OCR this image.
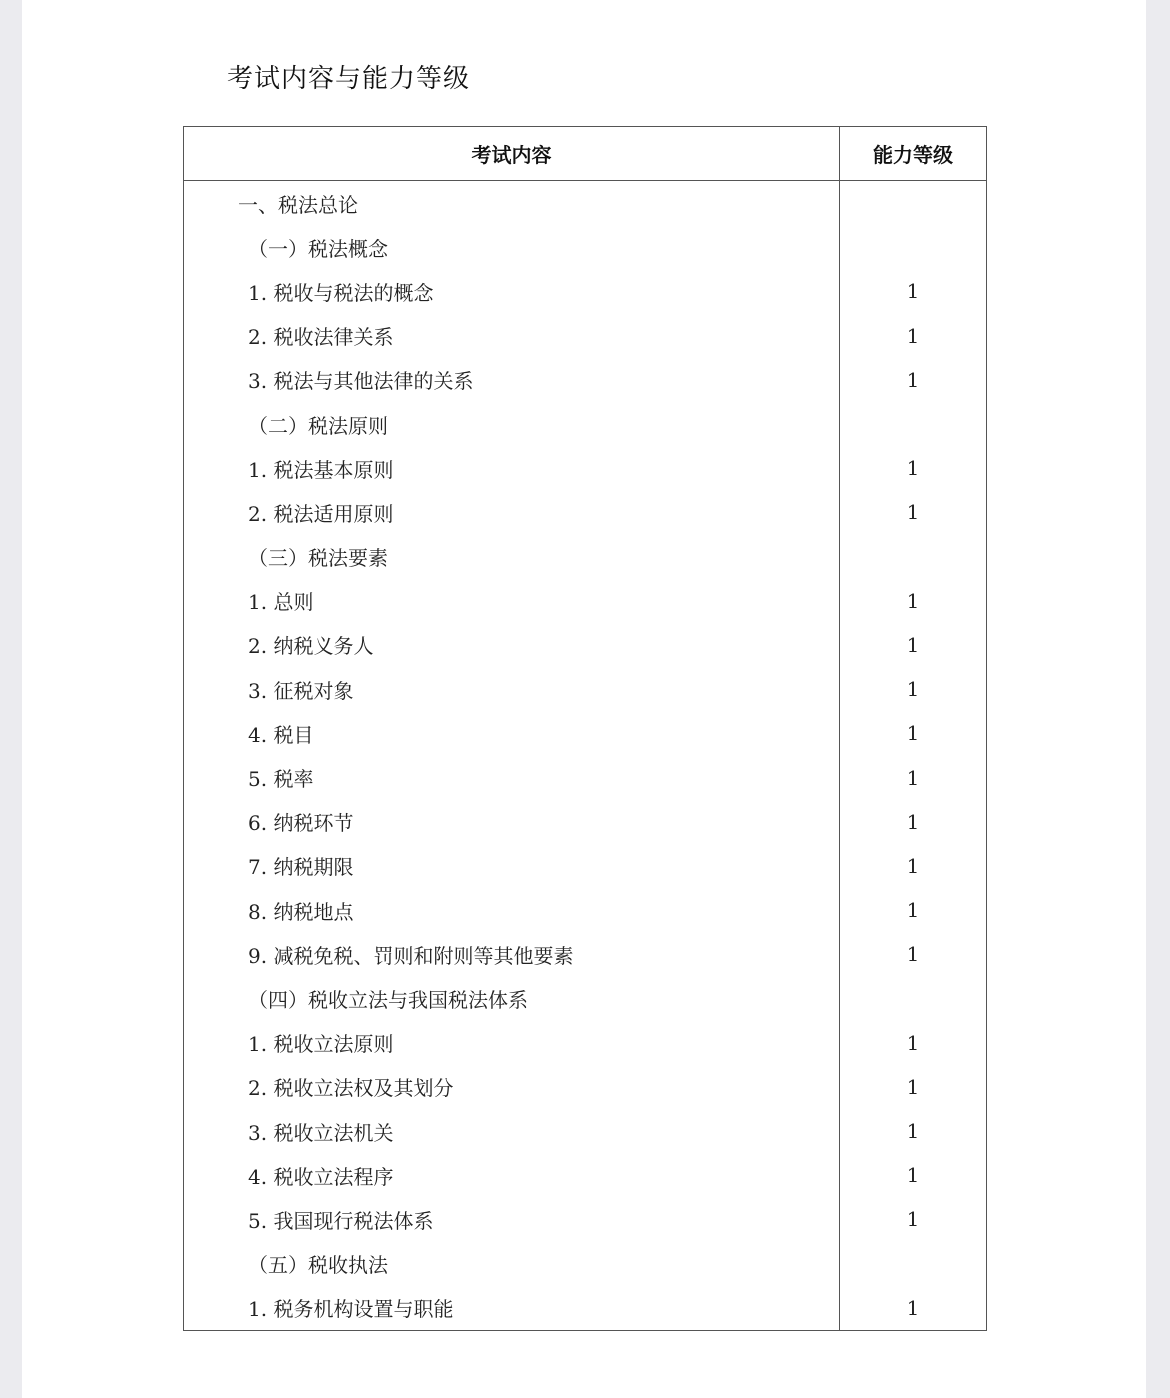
考试内容与能力等级
考试内容	能力等级
一、税法总论	
（一）税法概念	
1. 税收与税法的概念	1
2. 税收法律关系	1
3. 税法与其他法律的关系	1
（二）税法原则	
1. 税法基本原则	1
2. 税法适用原则	1
（三）税法要素	
1. 总则	1
2. 纳税义务人	1
3. 征税对象	1
4. 税目	1
5. 税率	1
6. 纳税环节	1
7. 纳税期限	1
8. 纳税地点	1
9. 减税免税、罚则和附则等其他要素	1
（四）税收立法与我国税法体系	
1. 税收立法原则	1
2. 税收立法权及其划分	1
3. 税收立法机关	1
4. 税收立法程序	1
5. 我国现行税法体系	1
（五）税收执法	
1. 税务机构设置与职能	1
